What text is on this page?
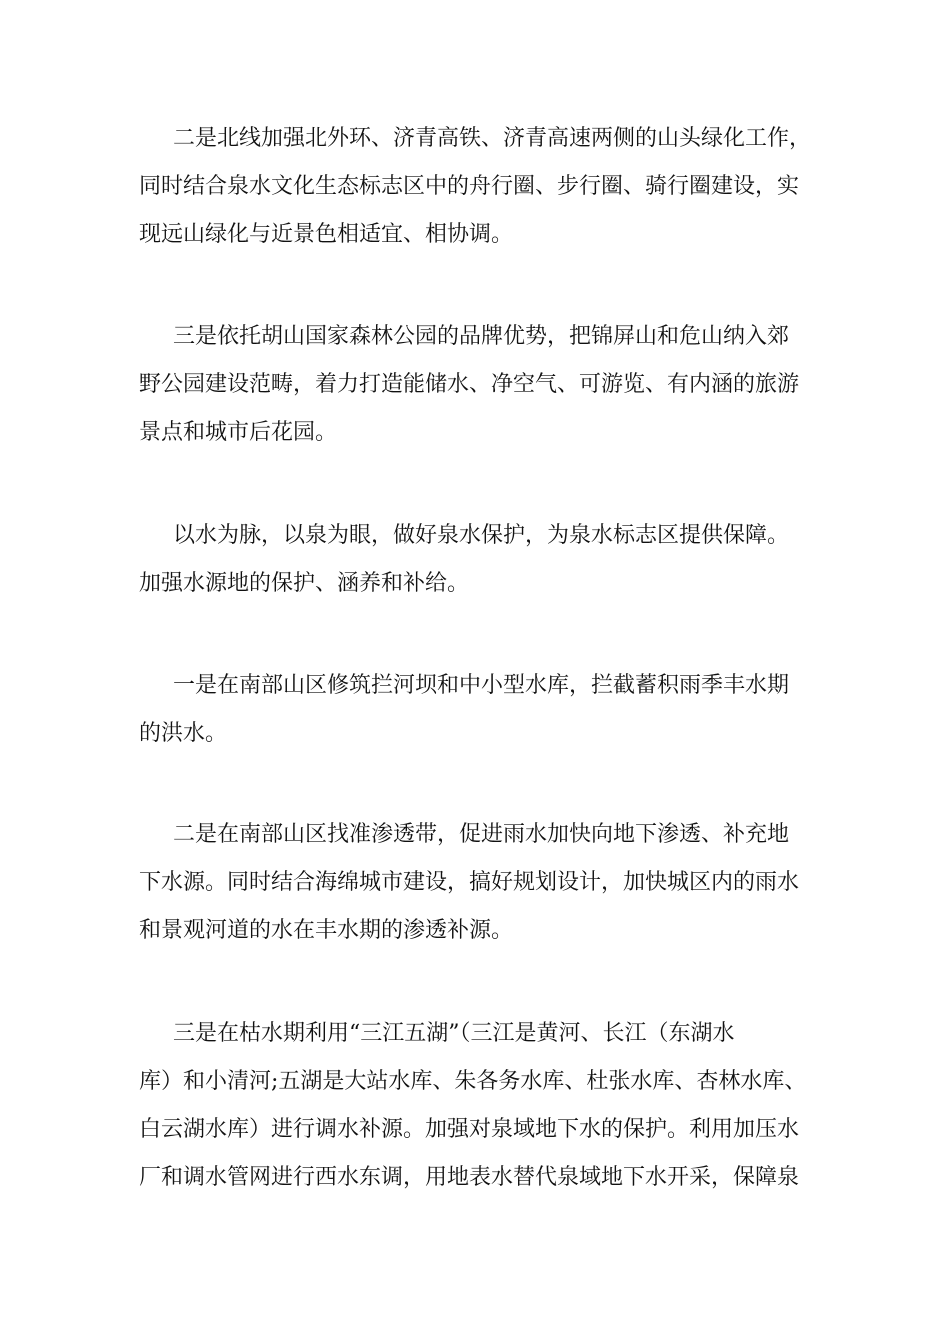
二是北线加强北外环、济青高铁、济青高速两侧的山头绿化工作，
同时结合泉水文化生态标志区中的舟行圈、步行圈、骑行圈建设，实
现远山绿化与近景色相适宜、相协调。
三是依托胡山国家森林公园的品牌优势，把锦屏山和危山纳入郊
野公园建设范畴，着力打造能储水、净空气、可游览、有内涵的旅游
景点和城市后花园。
以水为脉，以泉为眼，做好泉水保护，为泉水标志区提供保障。
加强水源地的保护、涵养和补给。
一是在南部山区修筑拦河坝和中小型水库，拦截蓄积雨季丰水期
的洪水。
二是在南部山区找准渗透带，促进雨水加快向地下渗透、补充地
下水源。同时结合海绵城市建设，搞好规划设计，加快城区内的雨水
和景观河道的水在丰水期的渗透补源。
三是在枯水期利用“三江五湖”（三江是黄河、长江（东湖水
库）和小清河;五湖是大站水库、朱各务水库、杜张水库、杏林水库、
白云湖水库）进行调水补源。加强对泉域地下水的保护。利用加压水
厂和调水管网进行西水东调，用地表水替代泉域地下水开采，保障泉
